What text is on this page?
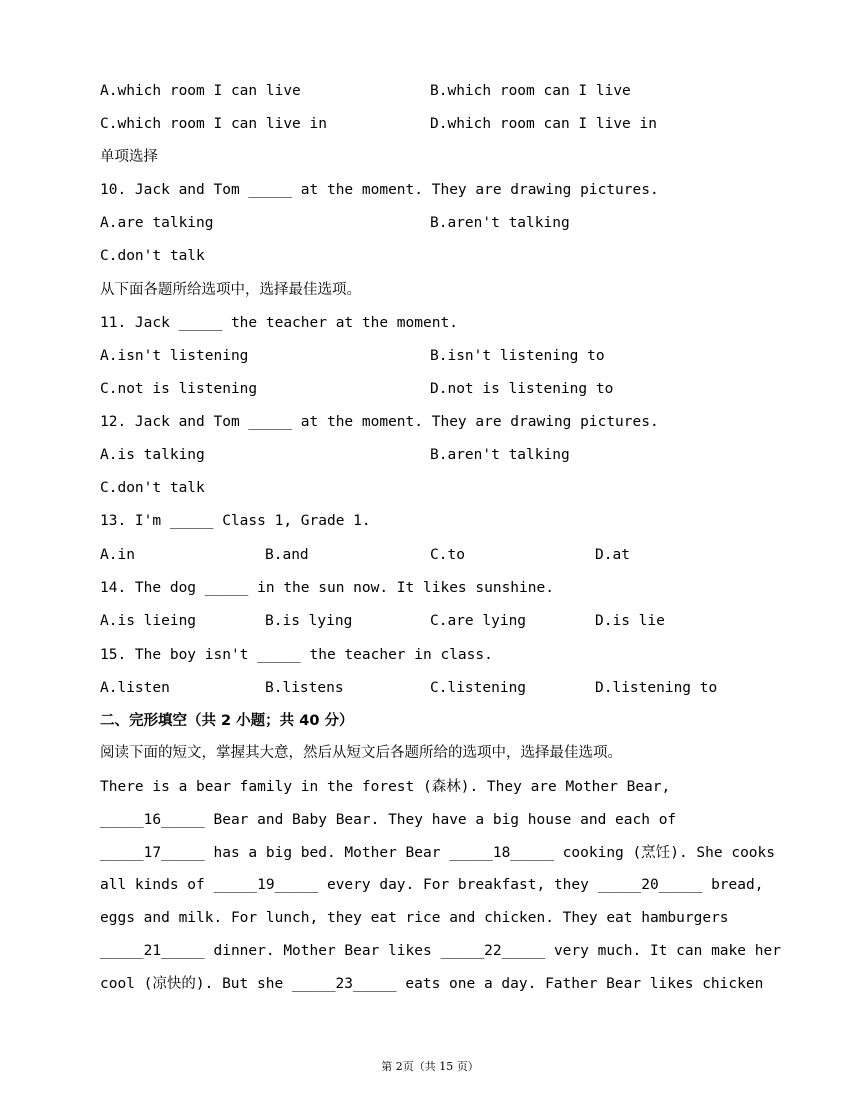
A.which room I can live	B.which room can I live
C.which room I can live in	D.which room can I live in
单项选择
10. Jack and Tom _____ at the moment. They are drawing pictures.
A.are talking	B.aren't talking
C.don't talk
从下面各题所给选项中，选择最佳选项。
11. Jack _____ the teacher at the moment.
A.isn't listening	B.isn't listening to
C.not is listening	D.not is listening to
12. Jack and Tom _____ at the moment. They are drawing pictures.
A.is talking	B.aren't talking
C.don't talk
13. I'm _____ Class 1, Grade 1.
A.in	B.and	C.to	D.at
14. The dog _____ in the sun now. It likes sunshine.
A.is lieing	B.is lying	C.are lying	D.is lie
15. The boy isn't _____ the teacher in class.
A.listen	B.listens	C.listening	D.listening to
二、完形填空（共 2 小题；共 40 分）
阅读下面的短文，掌握其大意，然后从短文后各题所给的选项中，选择最佳选项。
There is a bear family in the forest (森林). They are Mother Bear,
_____16_____ Bear and Baby Bear. They have a big house and each of
_____17_____ has a big bed. Mother Bear _____18_____ cooking (烹饪). She cooks
all kinds of _____19_____ every day. For breakfast, they _____20_____ bread,
eggs and milk. For lunch, they eat rice and chicken. They eat hamburgers
_____21_____ dinner. Mother Bear likes _____22_____ very much. It can make her
cool (凉快的). But she _____23_____ eats one a day. Father Bear likes chicken
第 2页（共 15 页）
